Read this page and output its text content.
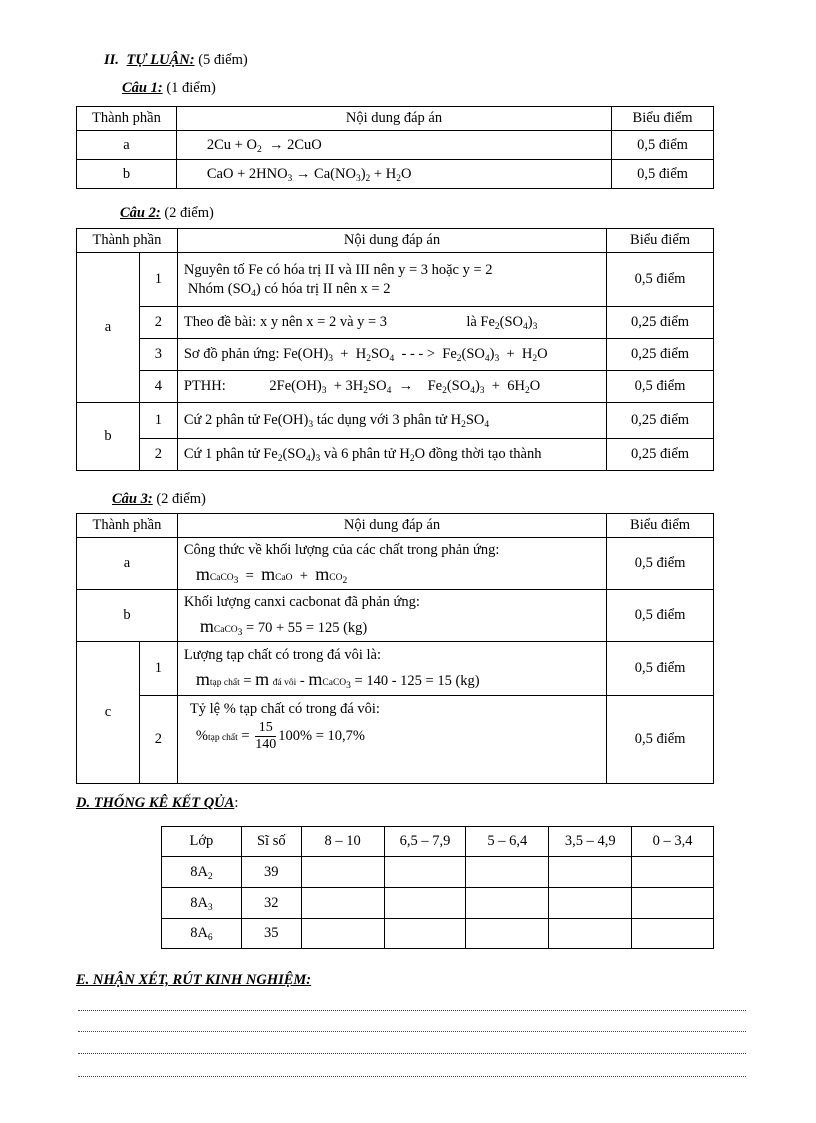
II. TỰ LUẬN: (5 điểm)
Câu 1: (1 điểm)
Thành phần	Nội dung đáp án	Biểu điểm
a	$2Cu + O_2 \to 2CuO$	0,5 điểm
b	CaO + $2HNO_3 \to Ca(NO_3)_2 + H_2O$	0,5 điểm
Câu 2: (2 điểm)
Thành phần		Nội dung đáp án	Biểu điểm
a	1	Nguyên tố Fe có hóa trị II và III nên y = 3 hoặc y = 2
Nhóm $(SO_4)$ có hóa trị II nên x = 2	0,5 điểm
	2	Theo đề bài: x y nên x = 2 và y = 3 là $Fe_2(SO_4)_3$	0,25 điểm
	3	Sơ đồ phản ứng: $Fe(OH)_3 + H_2SO_4$  - - - >  $Fe_2(SO_4)_3 + H_2O$	0,25 điểm
	4	PTHH: $2Fe(OH)_3 + 3H_2SO_4$  →    $Fe_2(SO_4)_3 + 6H_2O$	0,5 điểm
b	1	Cứ 2 phân tử $Fe(OH)_3$ tác dụng với 3 phân tử $H_2SO_4$	0,25 điểm
	2	Cứ 1 phân tử $Fe_2(SO_4)_3$ và 6 phân tử $H_2O$ đồng thời tạo thành	0,25 điểm
Câu 3: (2 điểm)
Thành phần		Nội dung đáp án	Biểu điểm
a		Công thức về khối lượng của các chất trong phản ứng:
mCaCO$_3$  =  mCaO  +  mCO$_2$	0,5 điểm
b		Khối lượng canxi cacbonat đã phản ứng:
mCaCO$_3$ = 70 + 55 = 125 (kg)	0,5 điểm
c	1	Lượng tạp chất có trong đá vôi là:
mtạp chất = m đá vôi - mCaCO$_3$ = 140 - 125 = 15 (kg)	0,5 điểm
	2	Tỷ lệ % tạp chất có trong đá vôi:
%tạp chất = $\frac{15}{140} 100\% = 10,7\%$	0,5 điểm
D. THỐNG KÊ KẾT QỦA:
Lớp	Sĩ số	8 – 10	6,5 – 7,9	5 – 6,4	3,5 – 4,9	0 – 3,4
$8A_2$	39					
$8A_3$	32					
$8A_6$	35					
E. NHẬN XÉT, RÚT KINH NGHIỆM:
